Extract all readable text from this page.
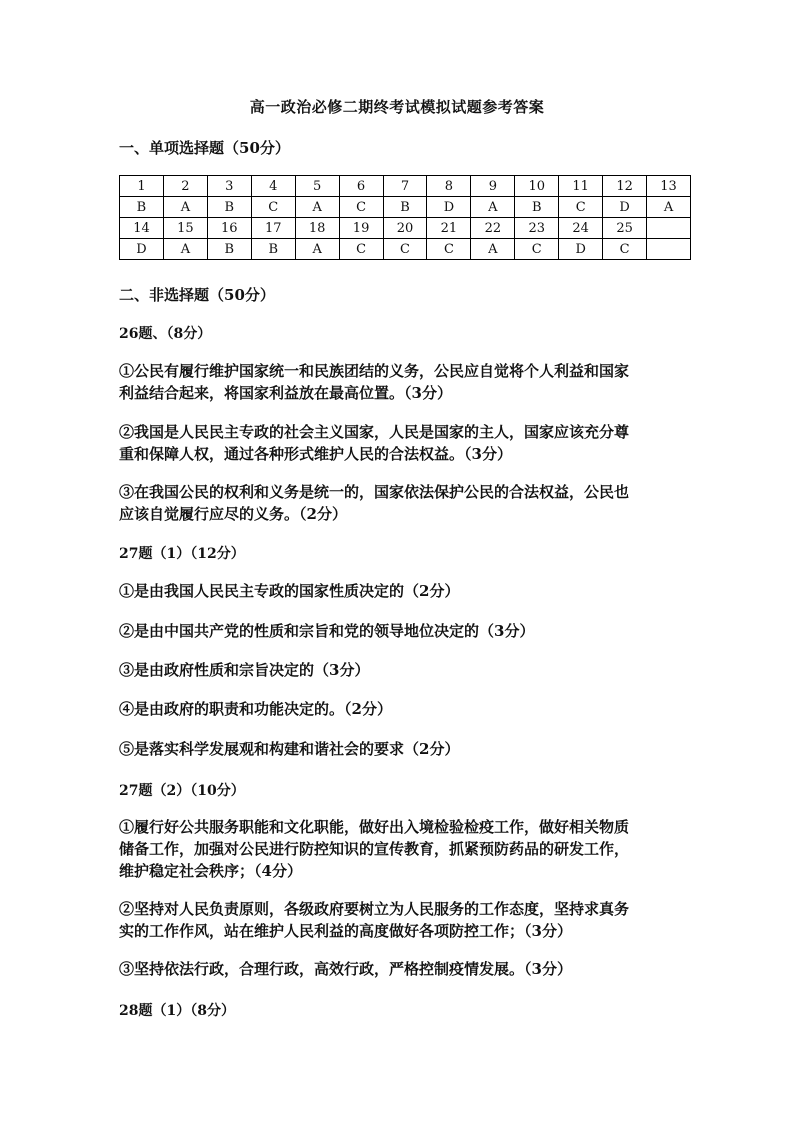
高一政治必修二期终考试模拟试题参考答案
一、单项选择题（50分）
1	2	3	4	5	6	7	8	9	10	11	12	13
B	A	B	C	A	C	B	D	A	B	C	D	A
14	15	16	17	18	19	20	21	22	23	24	25	
D	A	B	B	A	C	C	C	A	C	D	C	
二、非选择题（50分）
26题、（8分）
①公民有履行维护国家统一和民族团结的义务，公民应自觉将个人利益和国家
利益结合起来，将国家利益放在最高位置。（3分）
②我国是人民民主专政的社会主义国家，人民是国家的主人，国家应该充分尊
重和保障人权，通过各种形式维护人民的合法权益。（3分）
③在我国公民的权利和义务是统一的，国家依法保护公民的合法权益，公民也
应该自觉履行应尽的义务。（2分）
27题（1）（12分）
①是由我国人民民主专政的国家性质决定的（2分）
②是由中国共产党的性质和宗旨和党的领导地位决定的（3分）
③是由政府性质和宗旨决定的（3分）
④是由政府的职责和功能决定的。（2分）
⑤是落实科学发展观和构建和谐社会的要求（2分）
27题（2）（10分）
①履行好公共服务职能和文化职能，做好出入境检验检疫工作，做好相关物质
储备工作，加强对公民进行防控知识的宣传教育，抓紧预防药品的研发工作，
维护稳定社会秩序；（4分）
②坚持对人民负责原则，各级政府要树立为人民服务的工作态度，坚持求真务
实的工作作风，站在维护人民利益的高度做好各项防控工作；（3分）
③坚持依法行政，合理行政，高效行政，严格控制疫情发展。（3分）
28题（1）（8分）
